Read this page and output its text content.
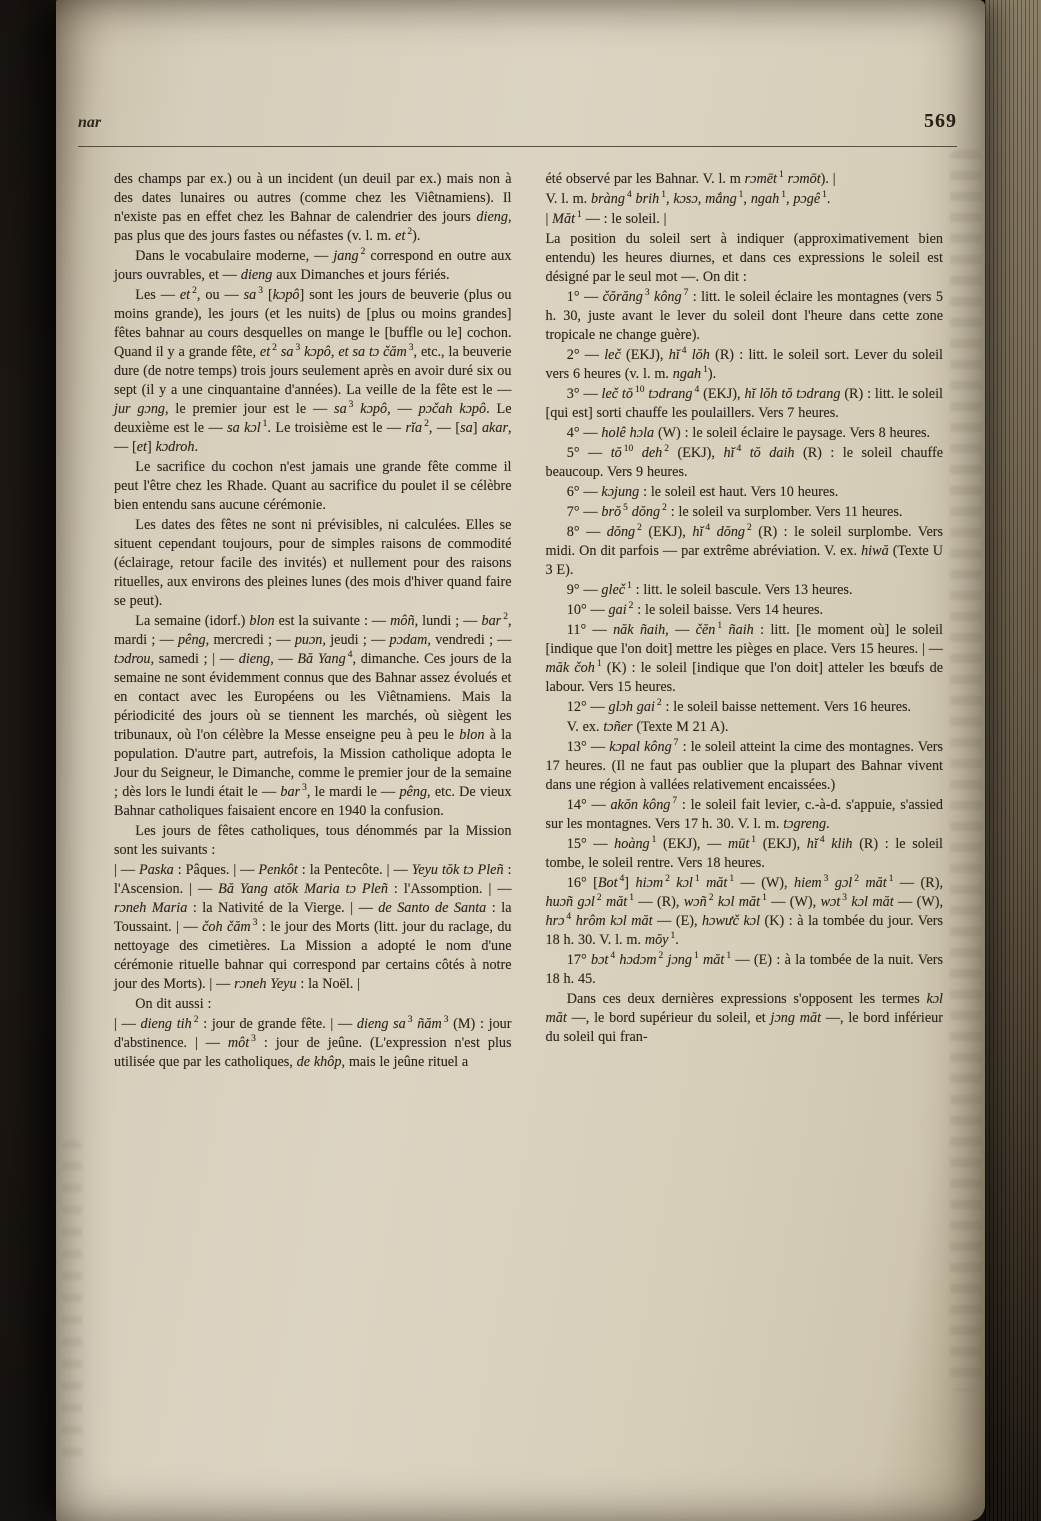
nar	569

des champs par ex.) ou à un incident (un deuil par ex.) mais non à des dates lunaires ou autres (comme chez les Viêtnamiens). Il n'existe pas en effet chez les Bahnar de calendrier des jours dieng, pas plus que des jours fastes ou néfastes (v. l. m. et $^2$).

Dans le vocabulaire moderne, — jang $^2$ correspond en outre aux jours ouvrables, et — dieng aux Dimanches et jours fériés.

Les — et $^2$, ou — sa $^3$ [kɔpô] sont les jours de beuverie (plus ou moins grande), les jours (et les nuits) de [plus ou moins grandes] fêtes bahnar au cours desquelles on mange le [buffle ou le] cochon. Quand il y a grande fête, et $^2$ sa $^3$ kɔpô, et sa tɔ čăm $^3$, etc., la beuverie dure (de notre temps) trois jours seulement après en avoir duré six ou sept (il y a une cinquantaine d'années). La veille de la fête est le — jur gɔng, le premier jour est le — sa $^3$ kɔpô, — pɔčah kɔpô. Le deuxième est le — sa kɔl $^1$. Le troisième est le — rĭa $^2$, — [sa] akar, — [et] kɔdroh.

Le sacrifice du cochon n'est jamais une grande fête comme il peut l'être chez les Rhade. Quant au sacrifice du poulet il se célèbre bien entendu sans aucune cérémonie.

Les dates des fêtes ne sont ni prévisibles, ni calculées. Elles se situent cependant toujours, pour de simples raisons de commodité (éclairage, retour facile des invités) et nullement pour des raisons rituelles, aux environs des pleines lunes (des mois d'hiver quand faire se peut).

La semaine (idorf.) blon est la suivante : — môñ, lundi ; — bar $^2$, mardi ; — pêng, mercredi ; — puɔn, jeudi ; — pɔdam, vendredi ; — tɔdrou, samedi ; | — dieng, — Bă Yang $^4$, dimanche. Ces jours de la semaine ne sont évidemment connus que des Bahnar assez évolués et en contact avec les Européens ou les Viêtnamiens. Mais la périodicité des jours où se tiennent les marchés, où siègent les tribunaux, où l'on célèbre la Messe enseigne peu à peu le blon à la population. D'autre part, autrefois, la Mission catholique adopta le Jour du Seigneur, le Dimanche, comme le premier jour de la semaine ; dès lors le lundi était le — bar $^3$, le mardi le — pêng, etc. De vieux Bahnar catholiques faisaient encore en 1940 la confusion.

Les jours de fêtes catholiques, tous dénommés par la Mission sont les suivants :

| — Paska : Pâques. | — Penkôt : la Pentecôte. | — Yeyu tŏk tɔ Pleñ : l'Ascension. | — Bă Yang atŏk Maria tɔ Pleñ : l'Assomption. | — rɔneh Maria : la Nativité de la Vierge. | — de Santo de Santa : la Toussaint. | — čoh čăm $^3$ : le jour des Morts (litt. jour du raclage, du nettoyage des cimetières. La Mission a adopté le nom d'une cérémonie rituelle bahnar qui correspond par certains côtés à notre jour des Morts). | — rɔneh Yeyu : la Noël. |

On dit aussi :

| — dieng tih $^2$ : jour de grande fête. | — dieng sa $^3$ ñăm $^3$ (M) : jour d'abstinence. | — môt $^3$ : jour de jeûne. (L'expression n'est plus utilisée que par les catholiques, de khôp, mais le jeûne rituel a

été observé par les Bahnar. V. l. m rɔmēt $^1$ rɔmōt). |

V. l. m. bràng $^4$ brih $^1$, kɔsɔ, mắng $^1$, ngah $^1$, pɔgê $^1$.

| Măt $^1$ — : le soleil. |

La position du soleil sert à indiquer (approximativement bien entendu) les heures diurnes, et dans ces expressions le soleil est désigné par le seul mot —. On dit :

1° — čŏrăng $^3$ kông $^7$ : litt. le soleil éclaire les montagnes (vers 5 h. 30, juste avant le lever du soleil dont l'heure dans cette zone tropicale ne change guère).

2° — leč (EKJ), hĭ $^4$ lŏh (R) : litt. le soleil sort. Lever du soleil vers 6 heures (v. l. m. ngah $^1$).

3° — leč tŏ $^{10}$ tɔdrang $^4$ (EKJ), hĭ lŏh tŏ tɔdrang (R) : litt. le soleil [qui est] sorti chauffe les poulaillers. Vers 7 heures.

4° — holê hɔla (W) : le soleil éclaire le paysage. Vers 8 heures.

5° — tŏ $^{10}$ deh $^2$ (EKJ), hĭ $^4$ tŏ daih (R) : le soleil chauffe beaucoup. Vers 9 heures.

6° — kɔjung : le soleil est haut. Vers 10 heures.

7° — brŏ $^5$ dŏng $^2$ : le soleil va surplomber. Vers 11 heures.

8° — dŏng $^2$ (EKJ), hĭ $^4$ dŏng $^2$ (R) : le soleil surplombe. Vers midi. On dit parfois — par extrême abréviation. V. ex. hiwă (Texte U 3 E).

9° — gleč $^1$ : litt. le soleil bascule. Vers 13 heures.

10° — gai $^2$ : le soleil baisse. Vers 14 heures.

11° — năk ñaih, — čĕn $^1$ ñaih : litt. [le moment où] le soleil [indique que l'on doit] mettre les pièges en place. Vers 15 heures. | — măk čoh $^1$ (K) : le soleil [indique que l'on doit] atteler les bœufs de labour. Vers 15 heures.

12° — glɔh gai $^2$ : le soleil baisse nettement. Vers 16 heures.

V. ex. tɔñer (Texte M 21 A).

13° — kɔpal kông $^7$ : le soleil atteint la cime des montagnes. Vers 17 heures. (Il ne faut pas oublier que la plupart des Bahnar vivent dans une région à vallées relativement encaissées.)

14° — akŏn kông $^7$ : le soleil fait levier, c.-à-d. s'appuie, s'assied sur les montagnes. Vers 17 h. 30. V. l. m. tɔgreng.

15° — hoàng $^1$ (EKJ), — mūt $^1$ (EKJ), hĭ $^4$ klih (R) : le soleil tombe, le soleil rentre. Vers 18 heures.

16° [Bot $^4$] hiɔm $^2$ kɔl $^1$ măt $^1$ — (W), hiem $^3$ gɔl $^2$ măt $^1$ — (R), huɔñ gɔl $^2$ măt $^1$ — (R), wɔñ $^2$ kɔl măt $^1$ — (W), wɔt $^3$ kɔl măt — (W), hrɔ $^4$ hrôm kɔl măt — (E), hɔwưč kɔl (K) : à la tombée du jour. Vers 18 h. 30. V. l. m. mŏy $^1$.

17° bɔt $^4$ hɔdɔm $^2$ jɔng $^1$ măt $^1$ — (E) : à la tombée de la nuit. Vers 18 h. 45.

Dans ces deux dernières expressions s'opposent les termes kɔl măt —, le bord supérieur du soleil, et jɔng măt —, le bord inférieur du soleil qui fran-
